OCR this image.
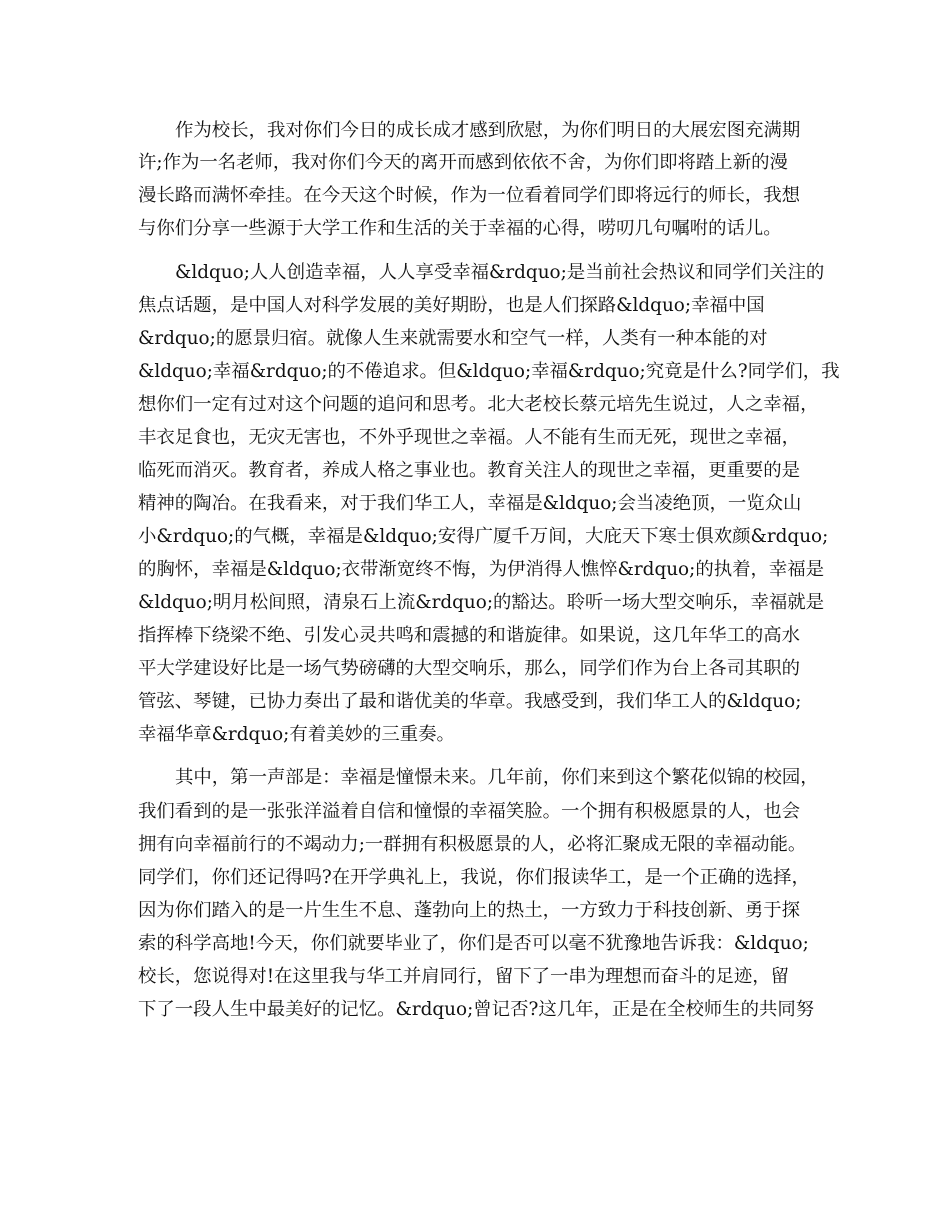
作为校长，我对你们今日的成长成才感到欣慰，为你们明日的大展宏图充满期
许;作为一名老师，我对你们今天的离开而感到依依不舍，为你们即将踏上新的漫
漫长路而满怀牵挂。在今天这个时候，作为一位看着同学们即将远行的师长，我想
与你们分享一些源于大学工作和生活的关于幸福的心得，唠叨几句嘱咐的话儿。
&ldquo;人人创造幸福，人人享受幸福&rdquo;是当前社会热议和同学们关注的
焦点话题，是中国人对科学发展的美好期盼，也是人们探路&ldquo;幸福中国
&rdquo;的愿景归宿。就像人生来就需要水和空气一样，人类有一种本能的对
&ldquo;幸福&rdquo;的不倦追求。但&ldquo;幸福&rdquo;究竟是什么?同学们，我
想你们一定有过对这个问题的追问和思考。北大老校长蔡元培先生说过，人之幸福，
丰衣足食也，无灾无害也，不外乎现世之幸福。人不能有生而无死，现世之幸福，
临死而消灭。教育者，养成人格之事业也。教育关注人的现世之幸福，更重要的是
精神的陶冶。在我看来，对于我们华工人，幸福是&ldquo;会当凌绝顶，一览众山
小&rdquo;的气概，幸福是&ldquo;安得广厦千万间，大庇天下寒士俱欢颜&rdquo;
的胸怀，幸福是&ldquo;衣带渐宽终不悔，为伊消得人憔悴&rdquo;的执着，幸福是
&ldquo;明月松间照，清泉石上流&rdquo;的豁达。聆听一场大型交响乐，幸福就是
指挥棒下绕梁不绝、引发心灵共鸣和震撼的和谐旋律。如果说，这几年华工的高水
平大学建设好比是一场气势磅礴的大型交响乐，那么，同学们作为台上各司其职的
管弦、琴键，已协力奏出了最和谐优美的华章。我感受到，我们华工人的&ldquo;
幸福华章&rdquo;有着美妙的三重奏。
其中，第一声部是：幸福是憧憬未来。几年前，你们来到这个繁花似锦的校园，
我们看到的是一张张洋溢着自信和憧憬的幸福笑脸。一个拥有积极愿景的人，也会
拥有向幸福前行的不竭动力;一群拥有积极愿景的人，必将汇聚成无限的幸福动能。
同学们，你们还记得吗?在开学典礼上，我说，你们报读华工，是一个正确的选择，
因为你们踏入的是一片生生不息、蓬勃向上的热土，一方致力于科技创新、勇于探
索的科学高地!今天，你们就要毕业了，你们是否可以毫不犹豫地告诉我：&ldquo;
校长，您说得对!在这里我与华工并肩同行，留下了一串为理想而奋斗的足迹，留
下了一段人生中最美好的记忆。&rdquo;曾记否?这几年，正是在全校师生的共同努
